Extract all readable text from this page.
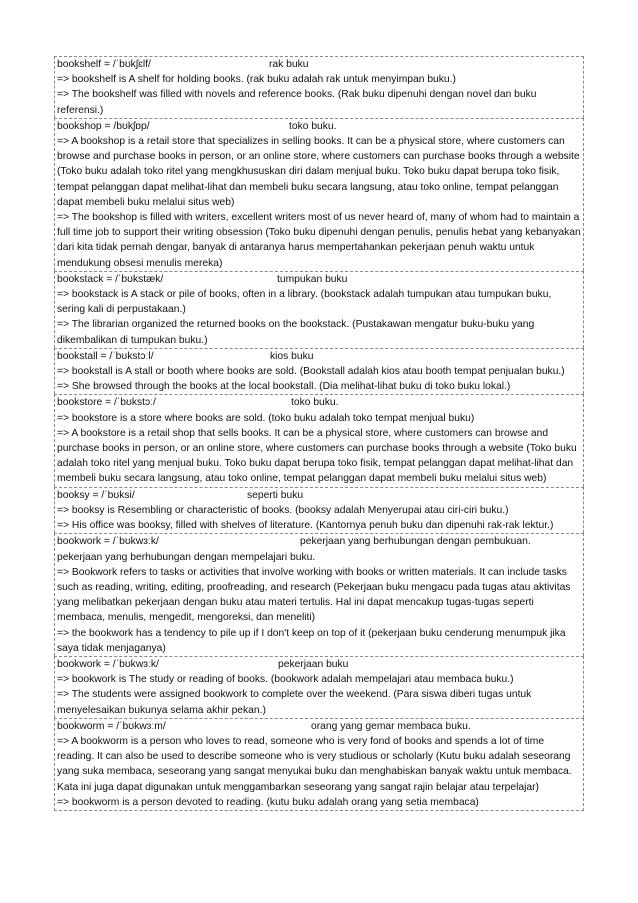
bookshelf = /ˈbʊkʃɛlf/	rak buku

=> bookshelf is A shelf for holding books. (rak buku adalah rak untuk menyimpan buku.)

=> The bookshelf was filled with novels and reference books. (Rak buku dipenuhi dengan novel dan buku referensi.)

bookshop = /bʊkʃɒp/	toko buku.

=> A bookshop is a retail store that specializes in selling books. It can be a physical store, where customers can browse and purchase books in person, or an online store, where customers can purchase books through a website (Toko buku adalah toko ritel yang mengkhususkan diri dalam menjual buku. Toko buku dapat berupa toko fisik, tempat pelanggan dapat melihat-lihat dan membeli buku secara langsung, atau toko online, tempat pelanggan dapat membeli buku melalui situs web)

=> The bookshop is filled with writers, excellent writers most of us never heard of, many of whom had to maintain a full time job to support their writing obsession (Toko buku dipenuhi dengan penulis, penulis hebat yang kebanyakan dari kita tidak pernah dengar, banyak di antaranya harus mempertahankan pekerjaan penuh waktu untuk mendukung obsesi menulis mereka)

bookstack = /ˈbʊkstæk/	tumpukan buku

=> bookstack is A stack or pile of books, often in a library. (bookstack adalah tumpukan atau tumpukan buku, sering kali di perpustakaan.)

=> The librarian organized the returned books on the bookstack. (Pustakawan mengatur buku-buku yang dikembalikan di tumpukan buku.)

bookstall = /ˈbʊkstɔːl/	kios buku

=> bookstall is A stall or booth where books are sold. (Bookstall adalah kios atau booth tempat penjualan buku.)

=> She browsed through the books at the local bookstall. (Dia melihat-lihat buku di toko buku lokal.)

bookstore = /ˈbʊkstɔː/	toko buku.

=> bookstore is a store where books are sold. (toko buku adalah toko tempat menjual buku)

=> A bookstore is a retail shop that sells books. It can be a physical store, where customers can browse and purchase books in person, or an online store, where customers can purchase books through a website (Toko buku adalah toko ritel yang menjual buku. Toko buku dapat berupa toko fisik, tempat pelanggan dapat melihat-lihat dan membeli buku secara langsung, atau toko online, tempat pelanggan dapat membeli buku melalui situs web)

booksy = /ˈbʊksi/	seperti buku

=> booksy is Resembling or characteristic of books. (booksy adalah Menyerupai atau ciri-ciri buku.)

=> His office was booksy, filled with shelves of literature. (Kantornya penuh buku dan dipenuhi rak-rak lektur.)

bookwork = /ˈbʊkwɜːk/	pekerjaan yang berhubungan dengan pembukuan.

pekerjaan yang berhubungan dengan mempelajari buku.

=> Bookwork refers to tasks or activities that involve working with books or written materials. It can include tasks such as reading, writing, editing, proofreading, and research (Pekerjaan buku mengacu pada tugas atau aktivitas yang melibatkan pekerjaan dengan buku atau materi tertulis. Hal ini dapat mencakup tugas-tugas seperti membaca, menulis, mengedit, mengoreksi, dan meneliti)

=> the bookwork has a tendency to pile up if I don't keep on top of it (pekerjaan buku cenderung menumpuk jika saya tidak menjaganya)

bookwork = /ˈbʊkwɜːk/	pekerjaan buku

=> bookwork is The study or reading of books. (bookwork adalah mempelajari atau membaca buku.)

=> The students were assigned bookwork to complete over the weekend. (Para siswa diberi tugas untuk menyelesaikan bukunya selama akhir pekan.)

bookworm = /ˈbʊkwɜːm/	orang yang gemar membaca buku.

=> A bookworm is a person who loves to read, someone who is very fond of books and spends a lot of time reading. It can also be used to describe someone who is very studious or scholarly (Kutu buku adalah seseorang yang suka membaca, seseorang yang sangat menyukai buku dan menghabiskan banyak waktu untuk membaca. Kata ini juga dapat digunakan untuk menggambarkan seseorang yang sangat rajin belajar atau terpelajar)

=> bookworm is a person devoted to reading. (kutu buku adalah orang yang setia membaca)
